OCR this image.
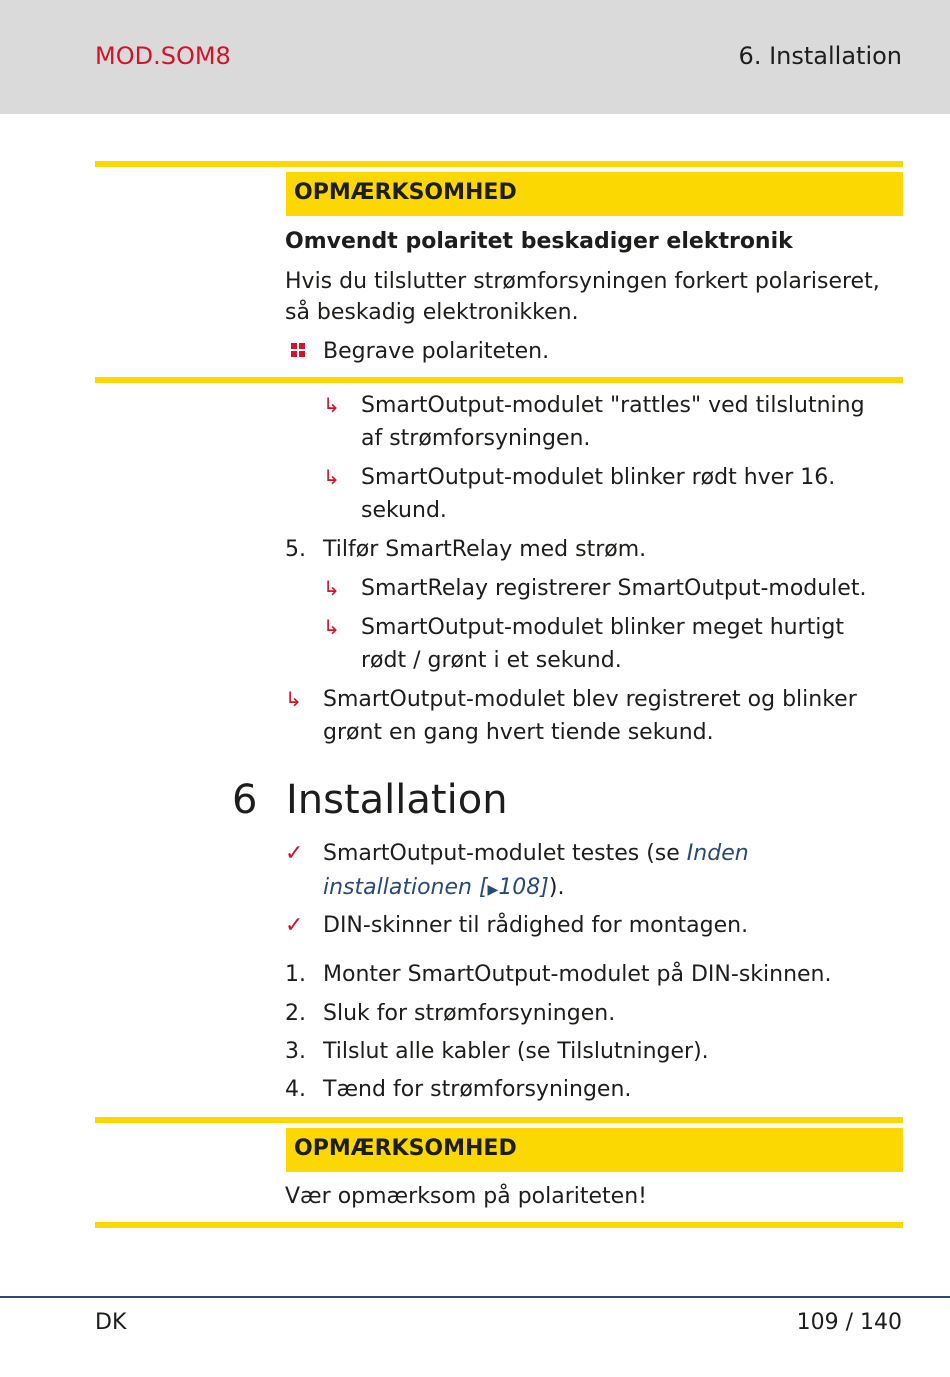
MOD.SOM8	6. Installation
OPMÆRKSOMHED
Omvendt polaritet beskadiger elektronik
Hvis du tilslutter strømforsyningen forkert polariseret,
så beskadig elektronikken.
Begrave polariteten.
↳ SmartOutput-modulet "rattles" ved tilslutning
af strømforsyningen.
↳ SmartOutput-modulet blinker rødt hver 16.
sekund.
5. Tilfør SmartRelay med strøm.
↳ SmartRelay registrerer SmartOutput-modulet.
↳ SmartOutput-modulet blinker meget hurtigt
rødt / grønt i et sekund.
↳ SmartOutput-modulet blev registreret og blinker
grønt en gang hvert tiende sekund.
6 Installation
✓ SmartOutput-modulet testes (se Inden
installationen [▶108]).
✓ DIN-skinner til rådighed for montagen.
1. Monter SmartOutput-modulet på DIN-skinnen.
2. Sluk for strømforsyningen.
3. Tilslut alle kabler (se Tilslutninger).
4. Tænd for strømforsyningen.
OPMÆRKSOMHED
Vær opmærksom på polariteten!
DK	109 / 140
